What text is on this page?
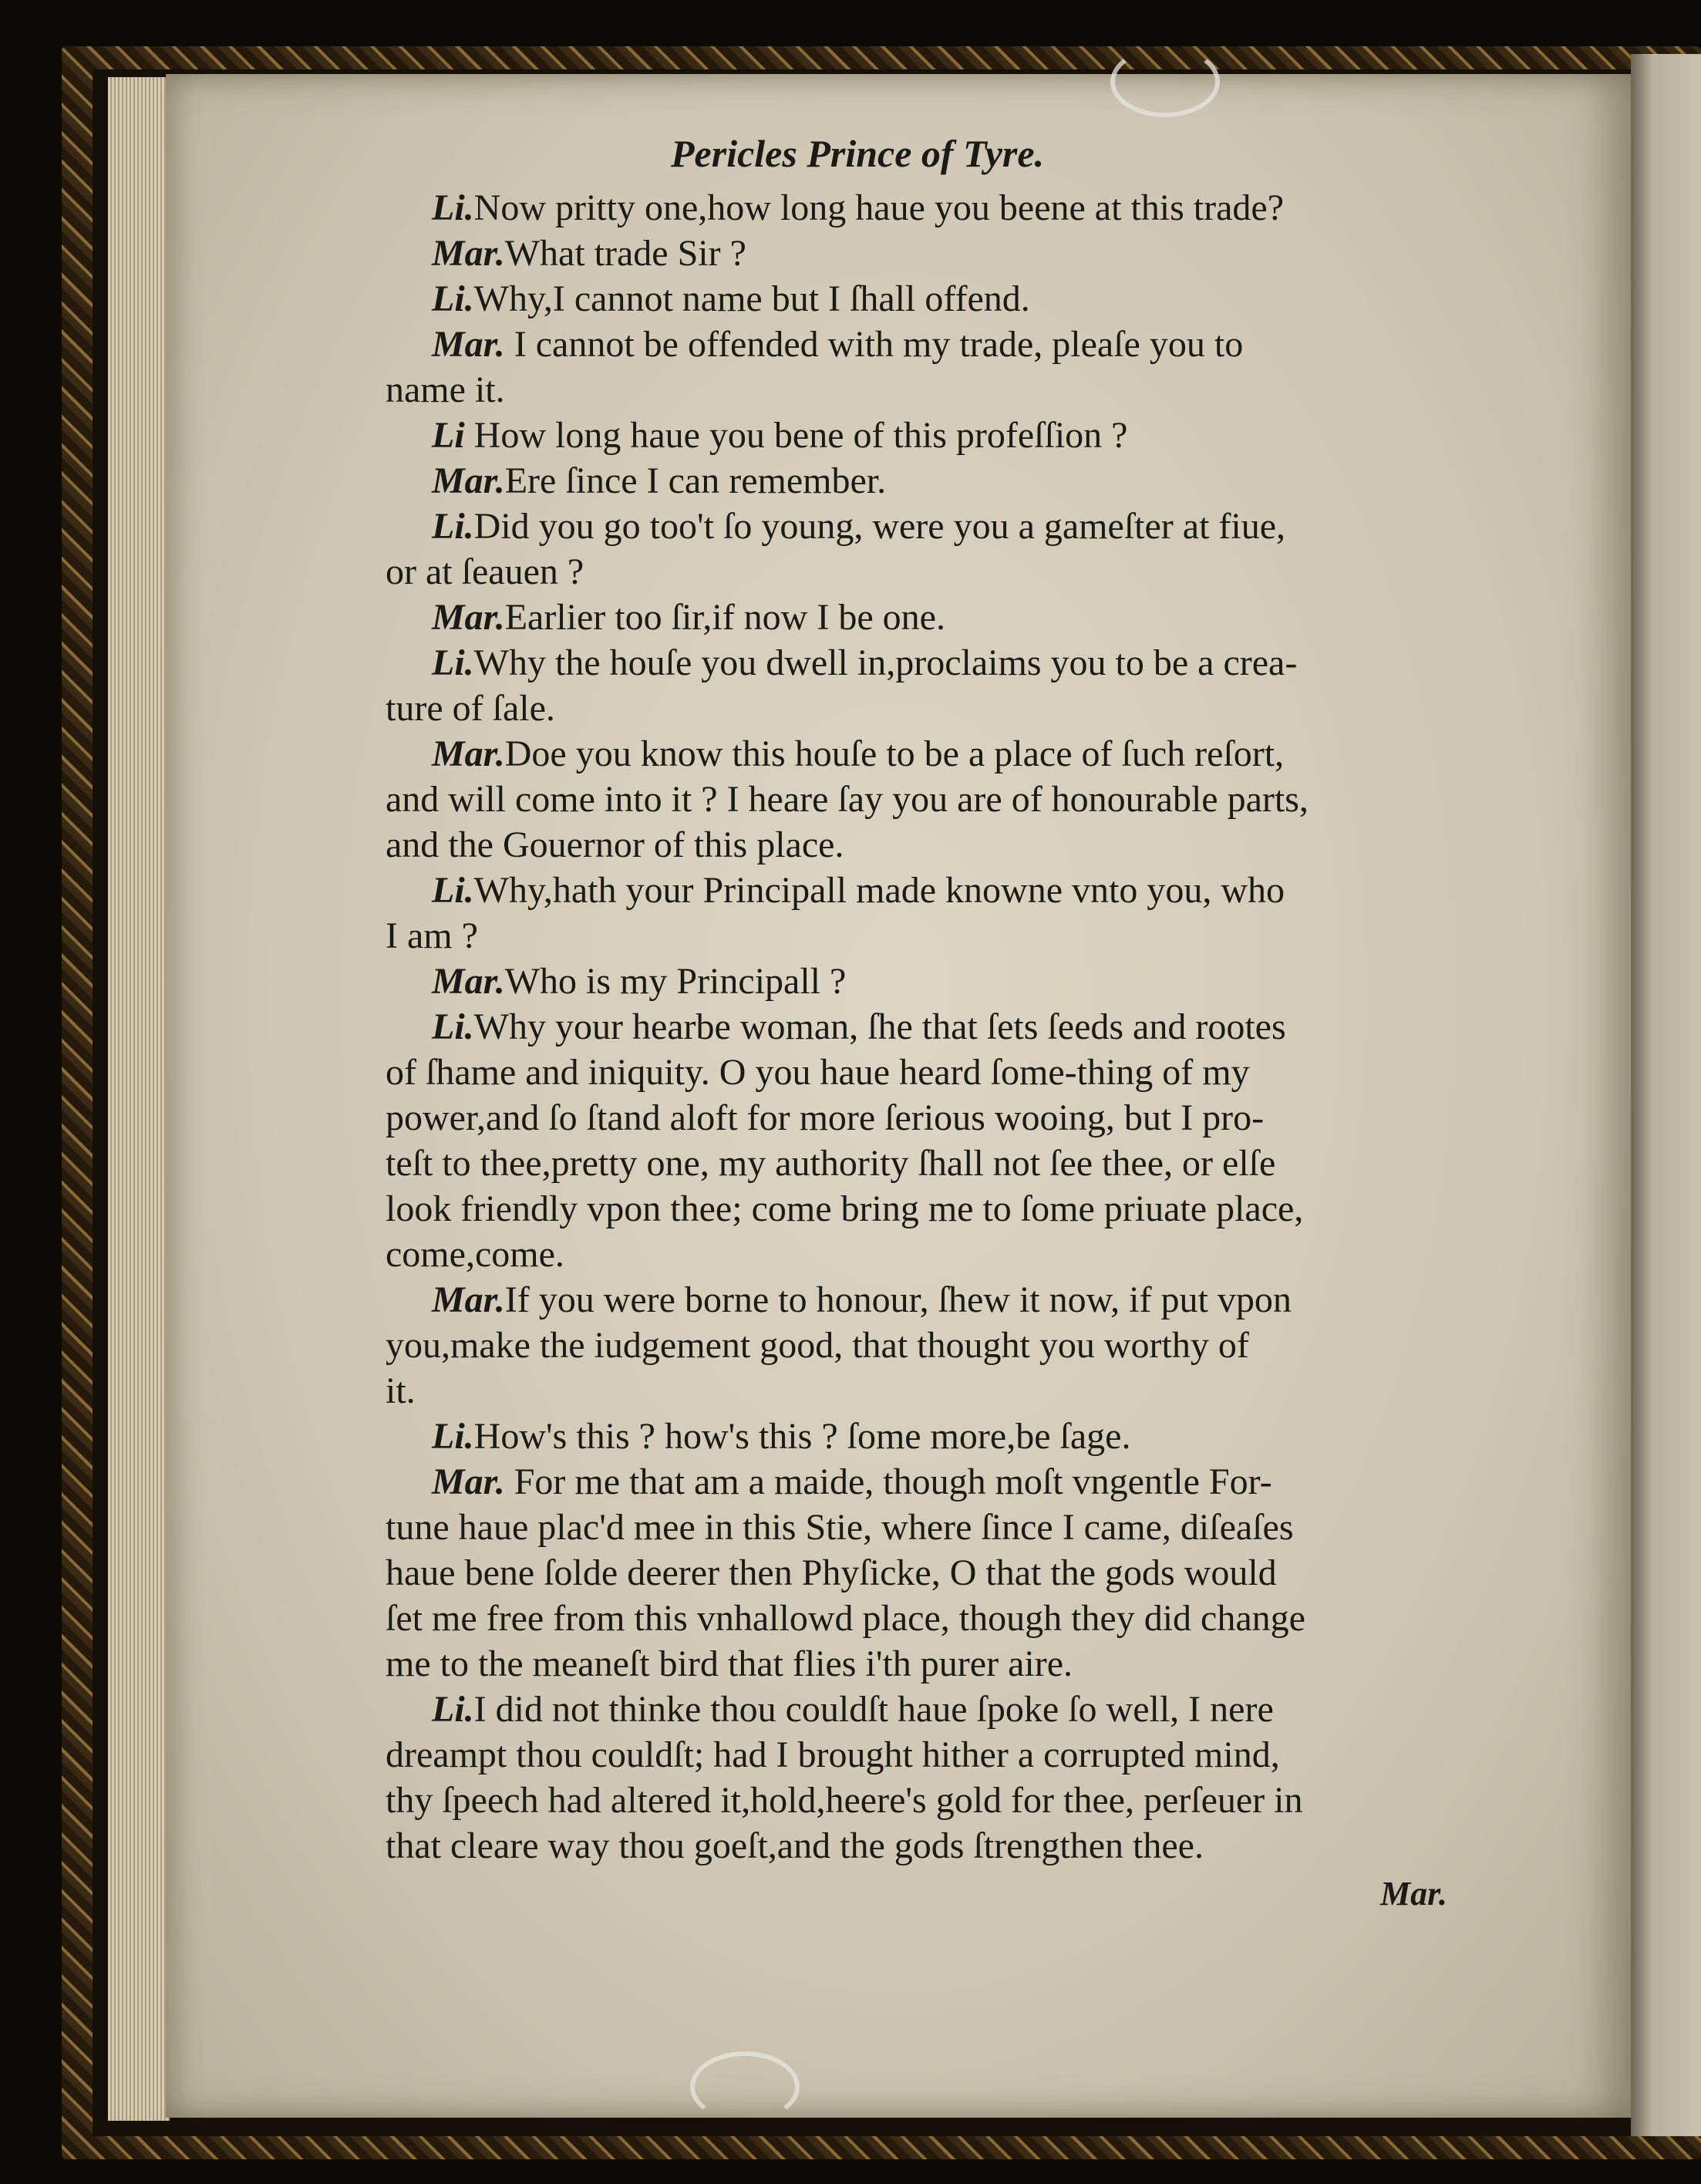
Pericles Prince of Tyre.
Li.Now pritty one,how long haue you beene at this trade?
Mar.What trade Sir ?
Li.Why,I cannot name but I ſhall offend.
Mar. I cannot be offended with my trade, pleaſe you to
name it.
Li How long haue you bene of this profeſſion ?
Mar.Ere ſince I can remember.
Li.Did you go too't ſo young, were you a gameſter at fiue,
or at ſeauen ?
Mar.Earlier too ſir,if now I be one.
Li.Why the houſe you dwell in,proclaims you to be a crea-
ture of ſale.
Mar.Doe you know this houſe to be a place of ſuch reſort,
and will come into it ? I heare ſay you are of honourable parts,
and the Gouernor of this place.
Li.Why,hath your Principall made knowne vnto you, who
I am ?
Mar.Who is my Principall ?
Li.Why your hearbe woman, ſhe that ſets ſeeds and rootes
of ſhame and iniquity. O you haue heard ſome-thing of my
power,and ſo ſtand aloft for more ſerious wooing, but I pro-
teſt to thee,pretty one, my authority ſhall not ſee thee, or elſe
look friendly vpon thee; come bring me to ſome priuate place,
come,come.
Mar.If you were borne to honour, ſhew it now, if put vpon
you,make the iudgement good, that thought you worthy of
it.
Li.How's this ? how's this ? ſome more,be ſage.
Mar. For me that am a maide, though moſt vngentle For-
tune haue plac'd mee in this Stie, where ſince I came, diſeaſes
haue bene ſolde deerer then Phyſicke, O that the gods would
ſet me free from this vnhallowd place, though they did change
me to the meaneſt bird that flies i'th purer aire.
Li.I did not thinke thou couldſt haue ſpoke ſo well, I nere
dreampt thou couldſt; had I brought hither a corrupted mind,
thy ſpeech had altered it,hold,heere's gold for thee, perſeuer in
that cleare way thou goeſt,and the gods ſtrengthen thee.
Mar.
